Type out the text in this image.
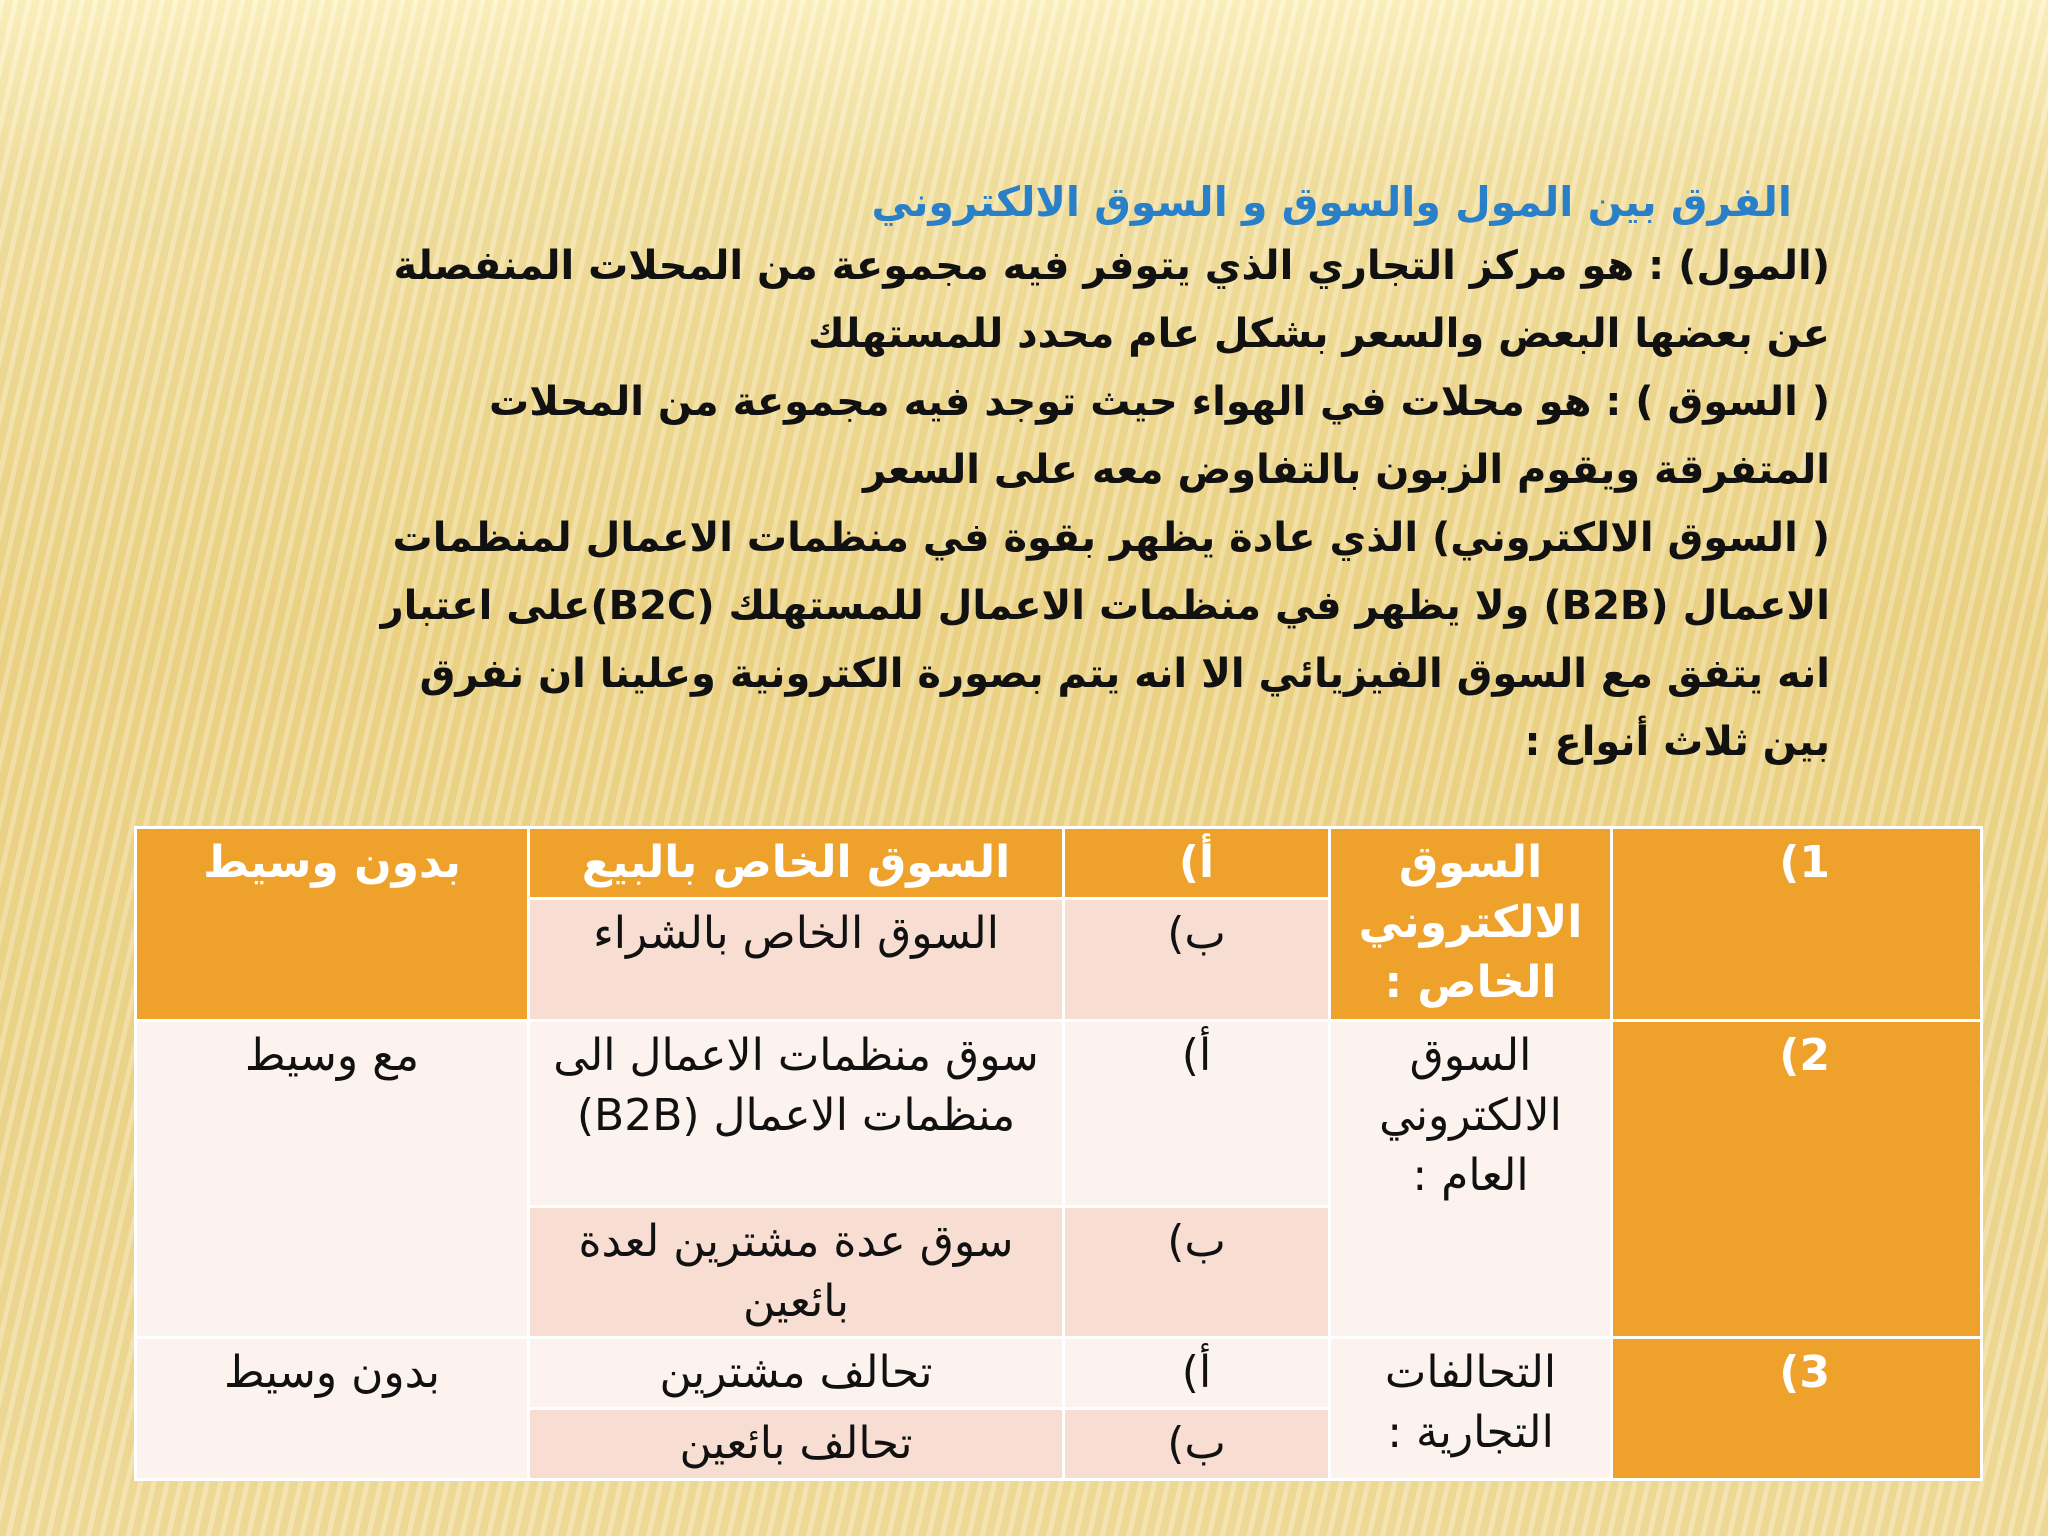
الفرق بين المول والسوق و السوق الالكتروني

(المول) : هو مركز التجاري الذي يتوفر فيه مجموعة من المحلات المنفصلة عن بعضها البعض والسعر بشكل عام محدد للمستهلك

( السوق ) : هو محلات في الهواء حيث توجد فيه مجموعة من المحلات المتفرقة ويقوم الزبون بالتفاوض معه على السعر

( السوق الالكتروني) الذي عادة يظهر بقوة في منظمات الاعمال لمنظمات الاعمال (B2B) ولا يظهر في منظمات الاعمال للمستهلك (B2C)على اعتبار انه يتفق مع السوق الفيزيائي الا انه يتم بصورة الكترونية وعلينا ان نفرق بين ثلاث أنواع :

1)	السوق الالكتروني الخاص :	أ)	السوق الخاص بالبيع	بدون وسيط
		ب)	السوق الخاص بالشراء	
2)	السوق الالكتروني العام :	أ)	سوق منظمات الاعمال الى منظمات الاعمال (B2B)	مع وسيط
		ب)	سوق عدة مشترين لعدة بائعين	
3)	التحالفات التجارية :	أ)	تحالف مشترين	بدون وسيط
		ب)	تحالف بائعين	
